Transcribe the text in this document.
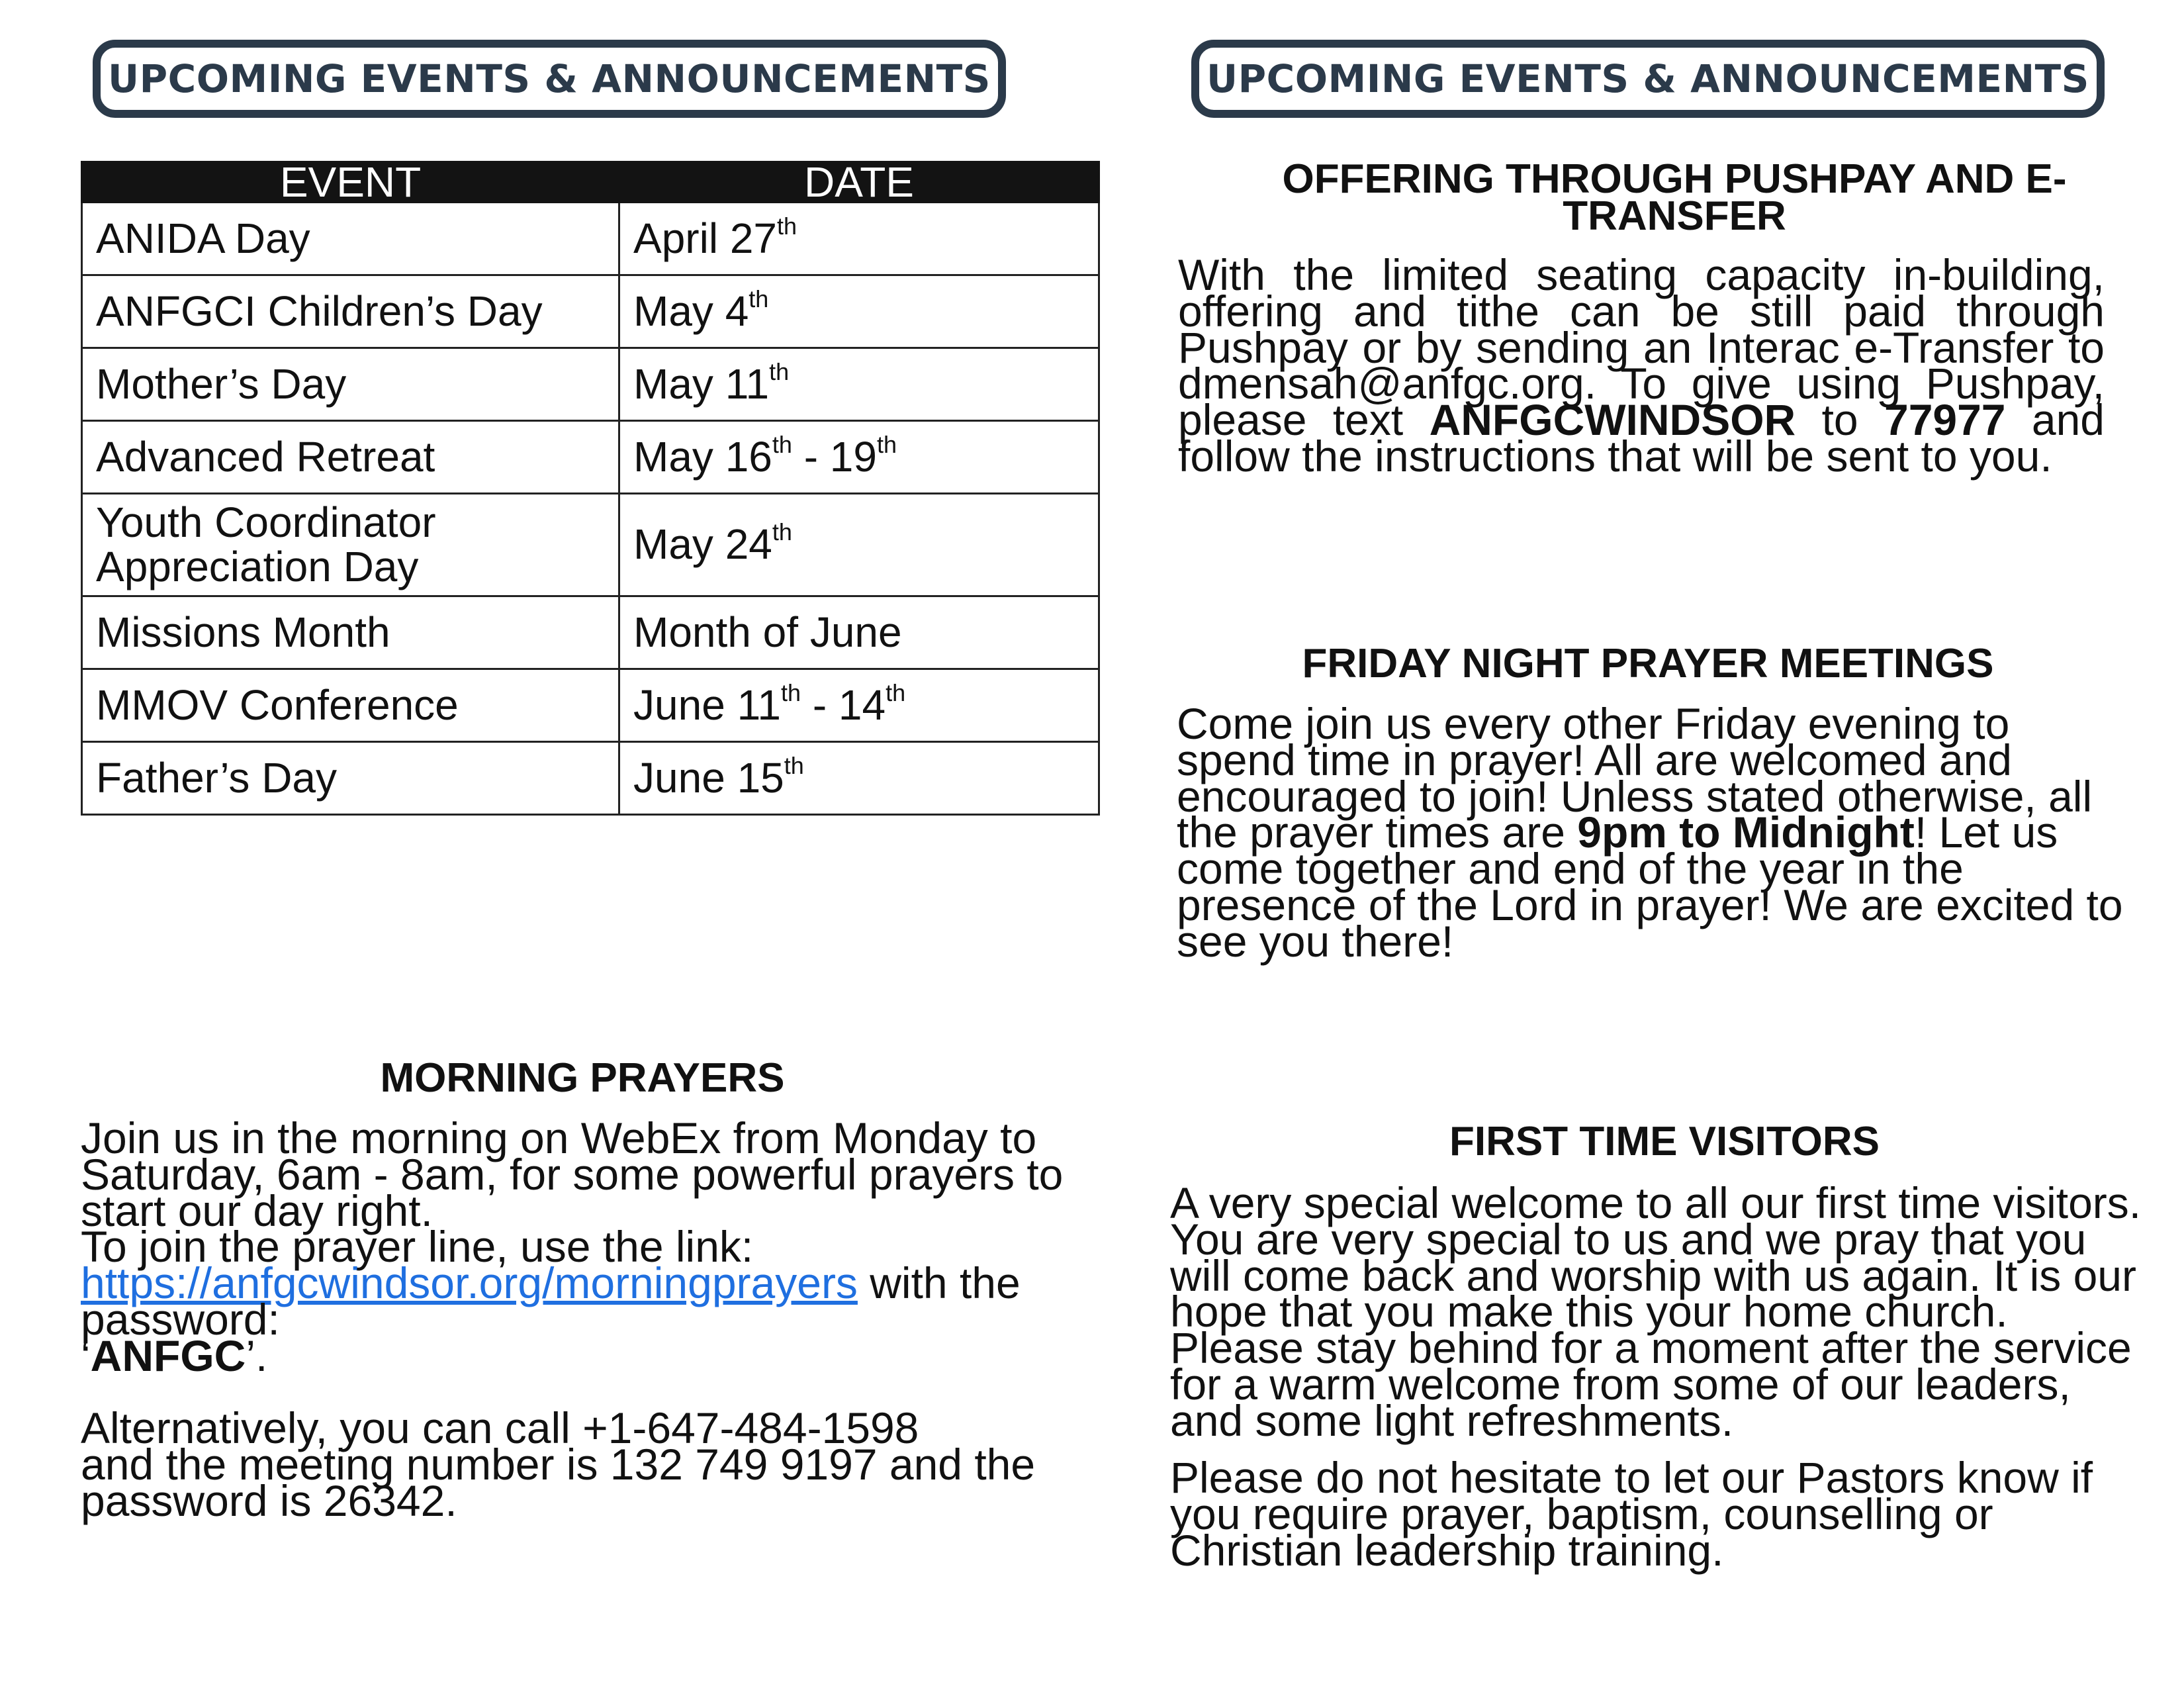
UPCOMING EVENTS & ANNOUNCEMENTS	UPCOMING EVENTS & ANNOUNCEMENTS
EVENT	DATE
ANIDA Day	April 27th
ANFGCI Children’s Day	May 4th
Mother’s Day	May 11th
Advanced Retreat	May 16th - 19th
Youth Coordinator
Appreciation Day	May 24th
Missions Month	Month of June
MMOV Conference	June 11th - 14th
Father’s Day	June 15th
OFFERING THROUGH PUSHPAY AND E-
TRANSFER
With the limited seating capacity in-building, offering and tithe can be still paid through Pushpay or by sending an Interac e-Transfer to dmensah@anfgc.org. To give using Pushpay, please text ANFGCWINDSOR to 77977 and follow the instructions that will be sent to you.
FRIDAY NIGHT PRAYER MEETINGS
Come join us every other Friday evening to spend time in prayer! All are welcomed and encouraged to join! Unless stated otherwise, all the prayer times are 9pm to Midnight! Let us come together and end of the year in the presence of the Lord in prayer! We are excited to see you there!
MORNING PRAYERS
Join us in the morning on WebEx from Monday to Saturday, 6am - 8am, for some powerful prayers to start our day right.
To join the prayer line, use the link:
https://anfgcwindsor.org/morningprayers with the password:
‘ANFGC’.

Alternatively, you can call +1-647-484-1598
and the meeting number is 132 749 9197 and the
password is 26342.
FIRST TIME VISITORS
A very special welcome to all our first time visitors. You are very special to us and we pray that you will come back and worship with us again. It is our hope that you make this your home church. Please stay behind for a moment after the service for a warm welcome from some of our leaders, and some light refreshments.
Please do not hesitate to let our Pastors know if you require prayer, baptism, counselling or Christian leadership training.
